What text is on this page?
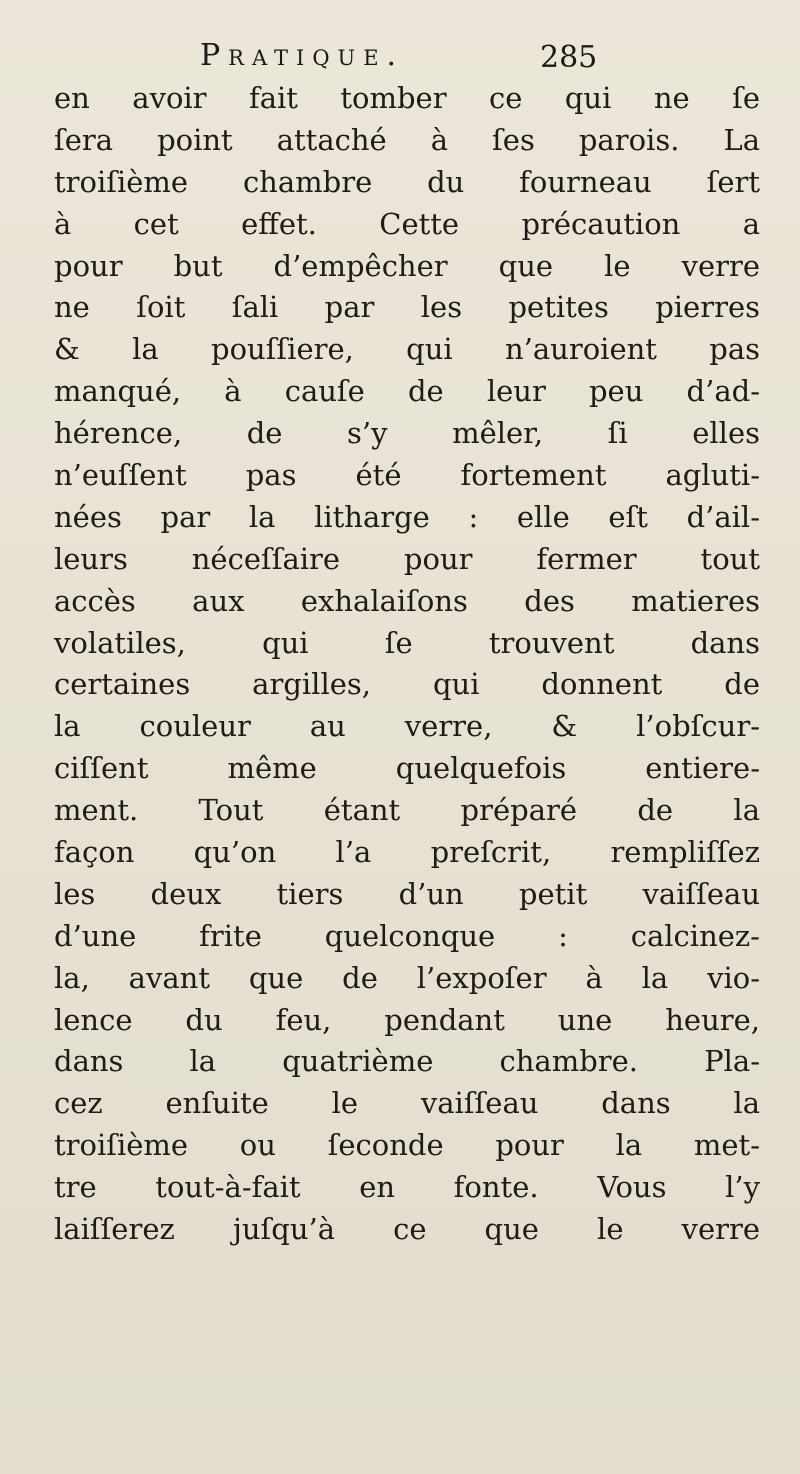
Pratique.	285
en avoir fait tomber ce qui ne ſe
ſera point attaché à ſes parois. La
troiſième chambre du fourneau ſert
à cet effet. Cette précaution a
pour but d’empêcher que le verre
ne ſoit ſali par les petites pierres
& la pouſſiere, qui n’auroient pas
manqué, à cauſe de leur peu d’ad-
hérence, de s’y mêler, ſi elles
n’euſſent pas été fortement agluti-
nées par la litharge : elle eſt d’ail-
leurs néceſſaire pour fermer tout
accès aux exhalaiſons des matieres
volatiles, qui ſe trouvent dans
certaines argilles, qui donnent de
la couleur au verre, & l’obſcur-
ciſſent même quelquefois entiere-
ment. Tout étant préparé de la
façon qu’on l’a preſcrit, rempliſſez
les deux tiers d’un petit vaiſſeau
d’une frite quelconque : calcinez-
la, avant que de l’expoſer à la vio-
lence du feu, pendant une heure,
dans la quatrième chambre. Pla-
cez enſuite le vaiſſeau dans la
troiſième ou ſeconde pour la met-
tre tout-à-fait en fonte. Vous l’y
laiſſerez juſqu’à ce que le verre
